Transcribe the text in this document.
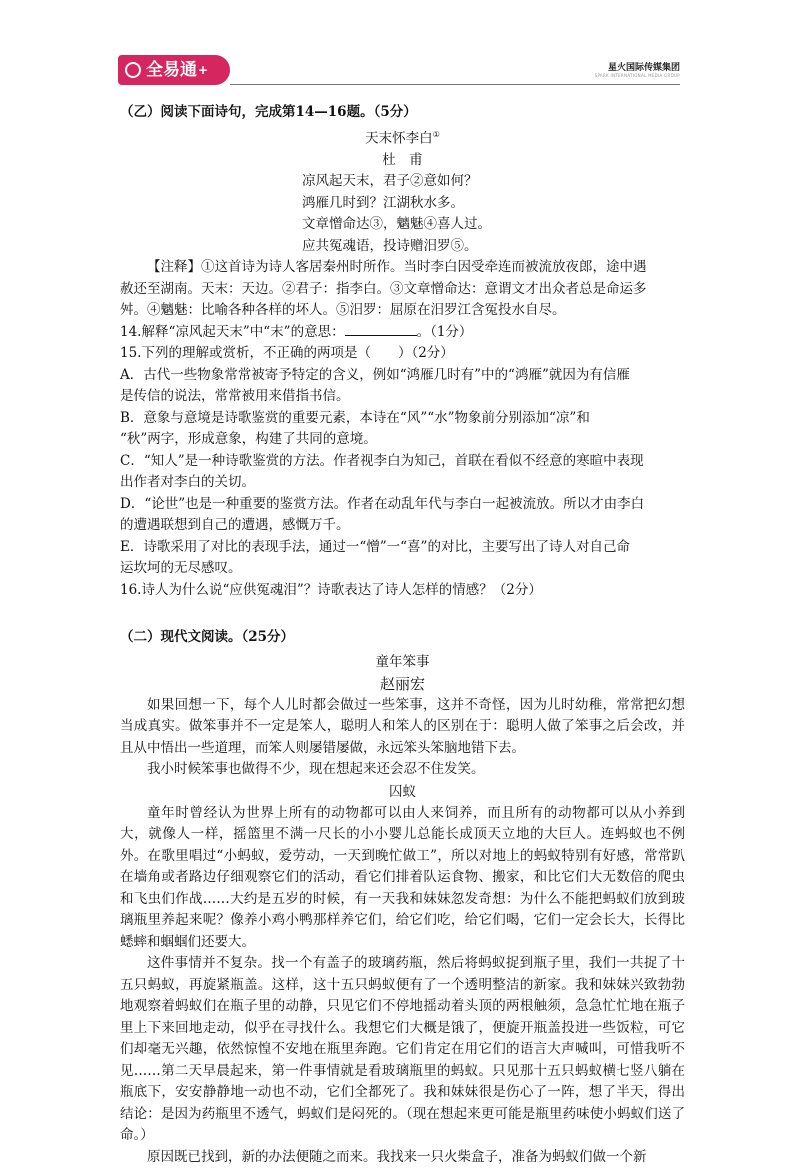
全易通+	星火国际传媒集团
SPARK INTERNATIONAL MEDIA GROUP
（乙）阅读下面诗句，完成第14—16题。（5分）
天末怀李白①
杜　甫
凉风起天末，君子②意如何？
鸿雁几时到？江湖秋水多。
文章憎命达③，魑魅④喜人过。
应共冤魂语，投诗赠汨罗⑤。
【注释】①这首诗为诗人客居秦州时所作。当时李白因受牵连而被流放夜郎，途中遇
赦还至湖南。天末：天边。②君子：指李白。③文章憎命达：意谓文才出众者总是命运多
舛。④魑魅：比喻各种各样的坏人。⑤汨罗：屈原在汨罗江含冤投水自尽。
14.解释“凉风起天末”中“末”的意思：	。（1分）
15.下列的理解或赏析，不正确的两项是（　　）（2分）
A．古代一些物象常常被寄予特定的含义，例如“鸿雁几时有”中的“鸿雁”就因为有信雁
是传信的说法，常常被用来借指书信。
B．意象与意境是诗歌鉴赏的重要元素，本诗在“风”“水”物象前分别添加“凉”和
“秋”两字，形成意象，构建了共同的意境。
C．“知人”是一种诗歌鉴赏的方法。作者视李白为知己，首联在看似不经意的寒暄中表现
出作者对李白的关切。
D．“论世”也是一种重要的鉴赏方法。作者在动乱年代与李白一起被流放。所以才由李白
的遭遇联想到自己的遭遇，感慨万千。
E．诗歌采用了对比的表现手法，通过一“憎”一“喜”的对比，主要写出了诗人对自己命
运坎坷的无尽感叹。
16.诗人为什么说“应供冤魂泪”？诗歌表达了诗人怎样的情感？（2分）
（二）现代文阅读。（25分）
童年笨事
赵丽宏

如果回想一下，每个人儿时都会做过一些笨事，这并不奇怪，因为儿时幼稚，常常把幻想当成真实。做笨事并不一定是笨人，聪明人和笨人的区别在于：聪明人做了笨事之后会改，并且从中悟出一些道理，而笨人则屡错屡做，永远笨头笨脑地错下去。

我小时候笨事也做得不少，现在想起来还会忍不住发笑。

囚蚁

童年时曾经认为世界上所有的动物都可以由人来饲养，而且所有的动物都可以从小养到大，就像人一样，摇篮里不满一尺长的小小婴儿总能长成顶天立地的大巨人。连蚂蚁也不例外。在歌里唱过“小蚂蚁，爱劳动，一天到晚忙做工”，所以对地上的蚂蚁特别有好感，常常趴在墙角或者路边仔细观察它们的活动，看它们排着队运食物、搬家，和比它们大无数倍的爬虫和飞虫们作战……大约是五岁的时候，有一天我和妹妹忽发奇想：为什么不能把蚂蚁们放到玻璃瓶里养起来呢？像养小鸡小鸭那样养它们，给它们吃，给它们喝，它们一定会长大，长得比蟋蟀和蝈蝈们还要大。

这件事情并不复杂。找一个有盖子的玻璃药瓶，然后将蚂蚁捉到瓶子里，我们一共捉了十五只蚂蚁，再旋紧瓶盖。这样，这十五只蚂蚁便有了一个透明整洁的新家。我和妹妹兴致勃勃地观察着蚂蚁们在瓶子里的动静，只见它们不停地摇动着头顶的两根触须，急急忙忙地在瓶子里上下来回地走动，似乎在寻找什么。我想它们大概是饿了，便旋开瓶盖投进一些饭粒，可它们却毫无兴趣，依然惊惶不安地在瓶里奔跑。它们肯定在用它们的语言大声喊叫，可惜我听不见……第二天早晨起来，第一件事情就是看玻璃瓶里的蚂蚁。只见那十五只蚂蚁横七竖八躺在瓶底下，安安静静地一动也不动，它们全都死了。我和妹妹很是伤心了一阵，想了半天，得出结论：是因为药瓶里不透气，蚂蚁们是闷死的。（现在想起来更可能是瓶里药味使小蚂蚁们送了命。）

原因既已找到，新的办法便随之而来。我找来一只火柴盒子，准备为蚂蚁们做一个新
